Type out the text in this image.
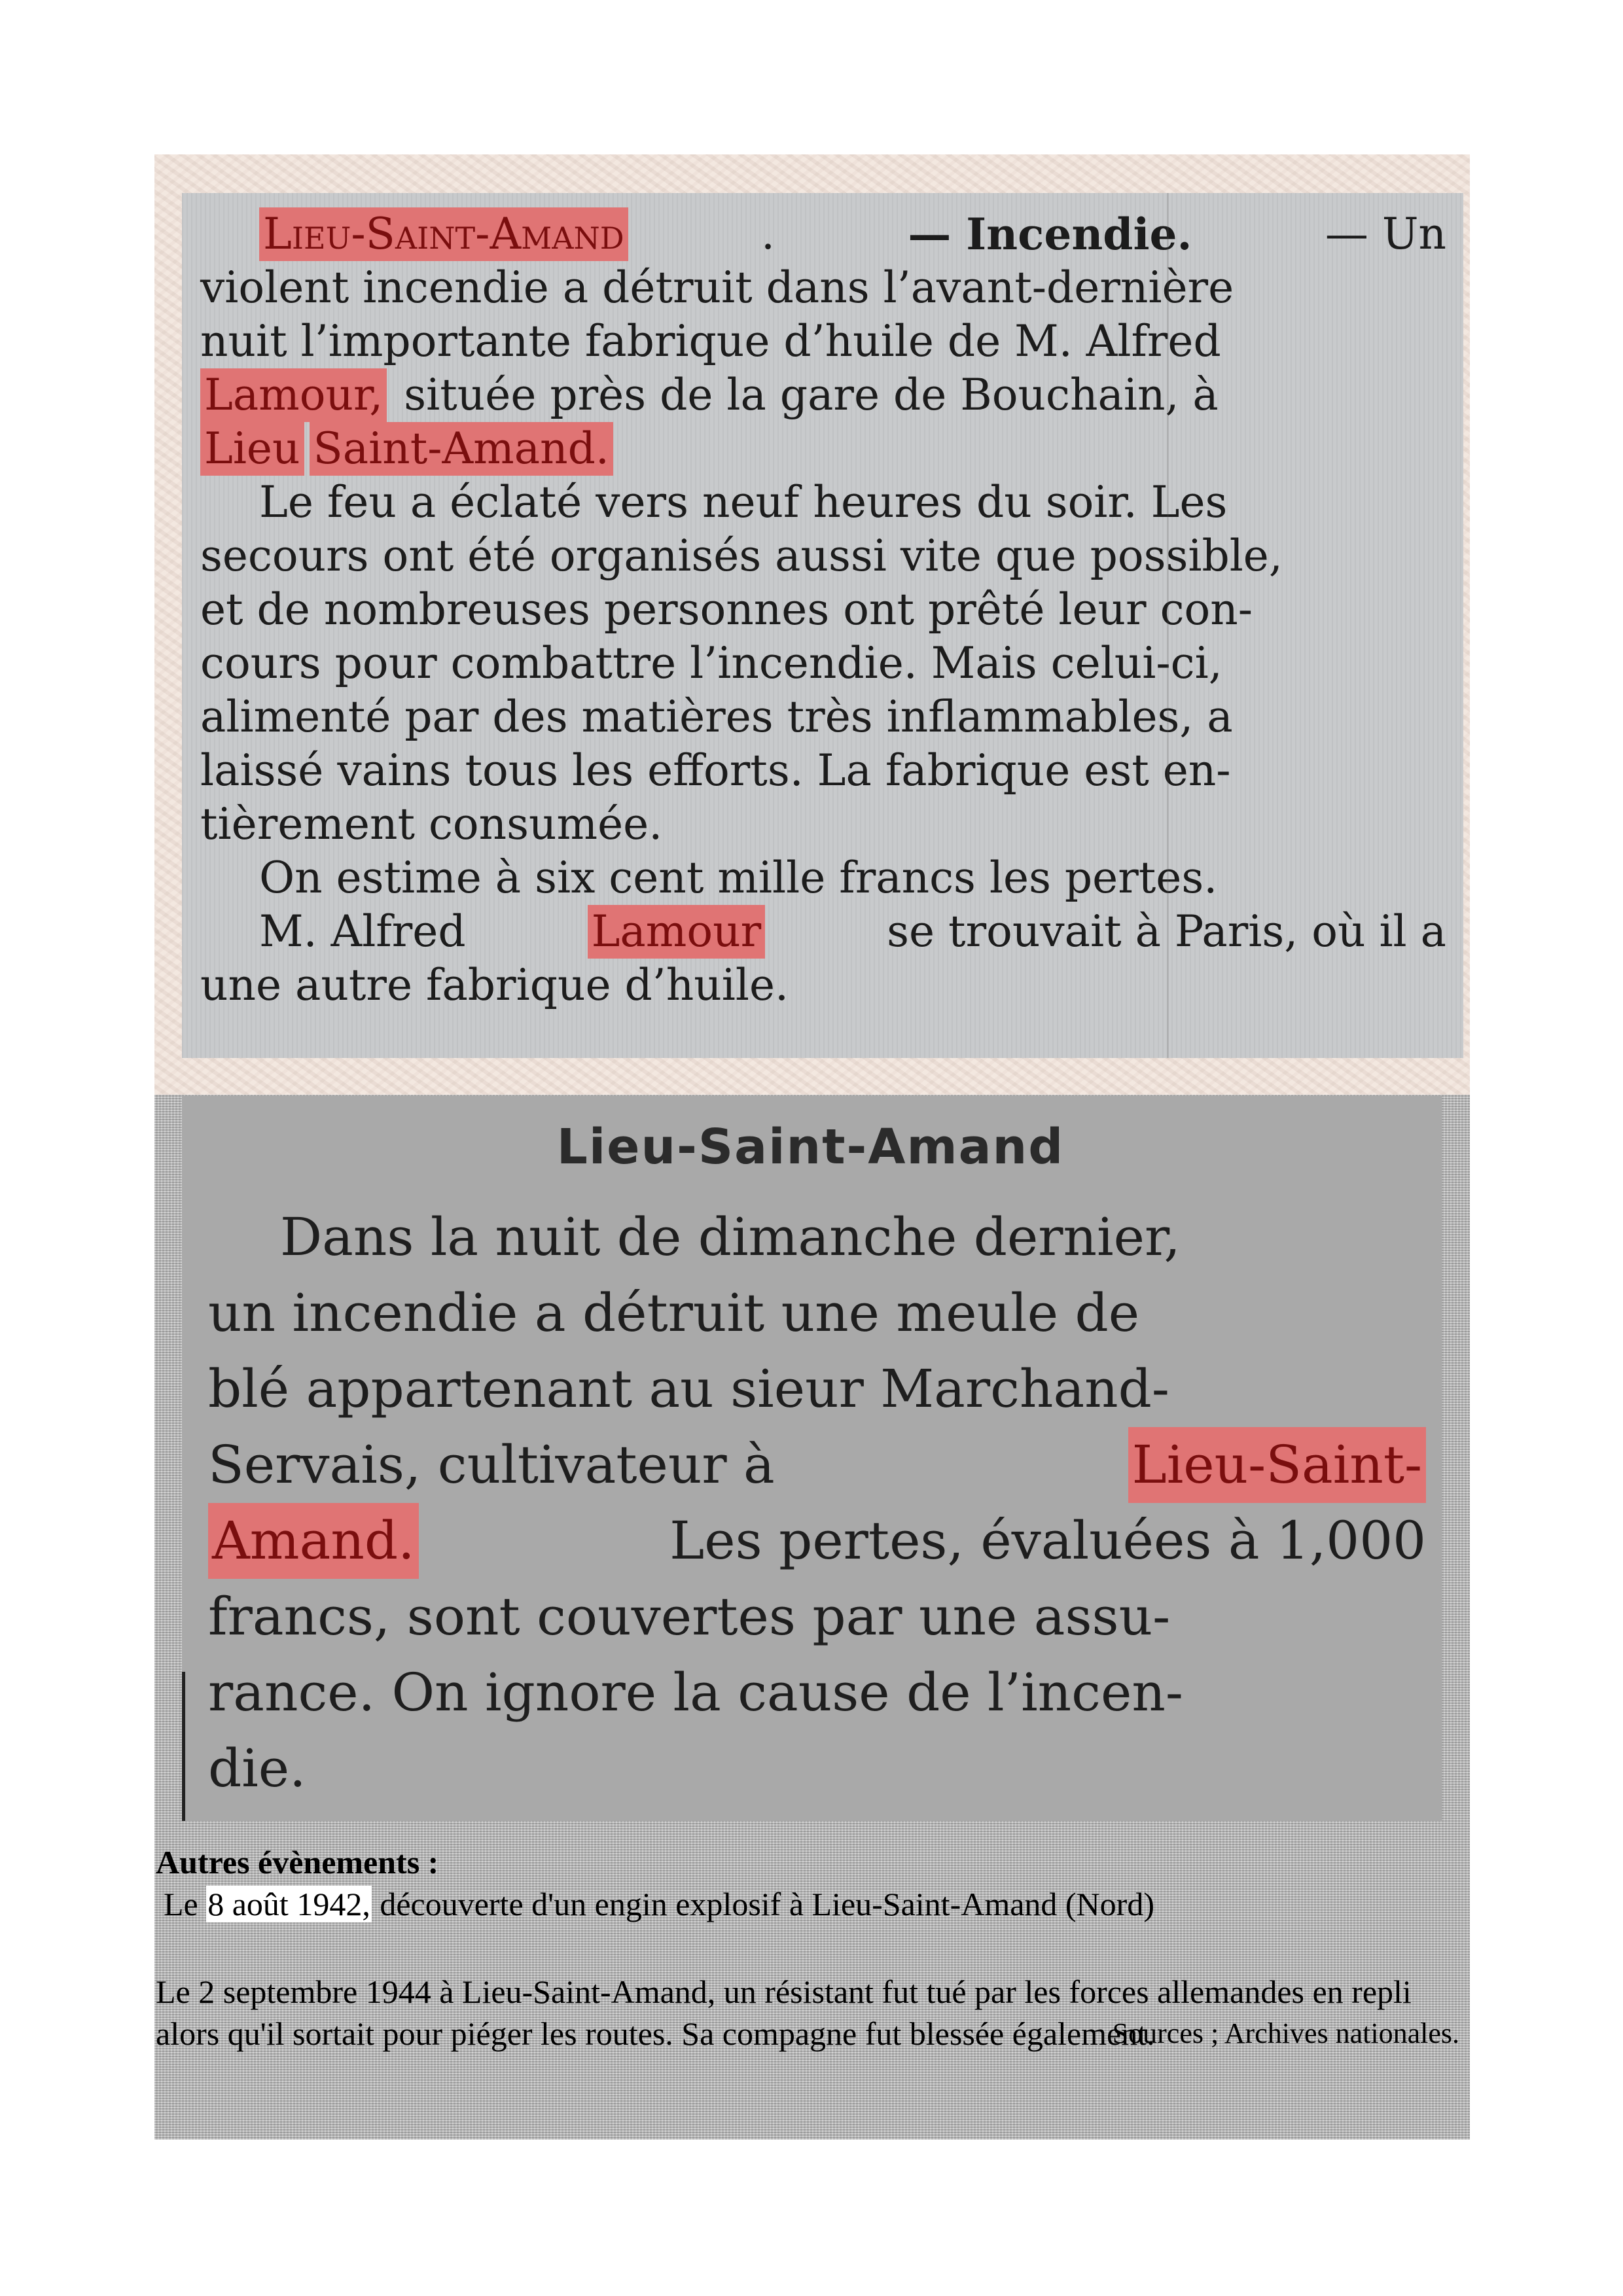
Lieu-Saint-Amand	.	— Incendie.	— Un
violent incendie a détruit dans l’avant-dernière
nuit l’importante fabrique d’huile de M. Alfred
Lamour, située près de la gare de Bouchain, à
Lieu Saint-Amand.
Le feu a éclaté vers neuf heures du soir. Les
secours ont été organisés aussi vite que possible,
et de nombreuses personnes ont prêté leur con-
cours pour combattre l’incendie. Mais celui-ci,
alimenté par des matières très inflammables, a
laissé vains tous les efforts. La fabrique est en-
tièrement consumée.
On estime à six cent mille francs les pertes.
M. Alfred	Lamour	se trouvait à Paris, où il a
une autre fabrique d’huile.
Lieu-Saint-Amand
Dans la nuit de dimanche dernier,
un incendie a détruit une meule de
blé appartenant au sieur Marchand-
Servais, cultivateur à	Lieu-Saint-
Amand.	Les pertes, évaluées à 1,000
francs, sont couvertes par une assu-
rance. On ignore la cause de l’incen-
die.
Autres évènements :
Le 8 août 1942, découverte d'un engin explosif à Lieu-Saint-Amand (Nord)
Le 2 septembre 1944 à Lieu-Saint-Amand, un résistant fut tué par les forces allemandes en repli alors qu'il sortait pour piéger les routes. Sa compagne fut blessée également.
Sources ; Archives nationales.
